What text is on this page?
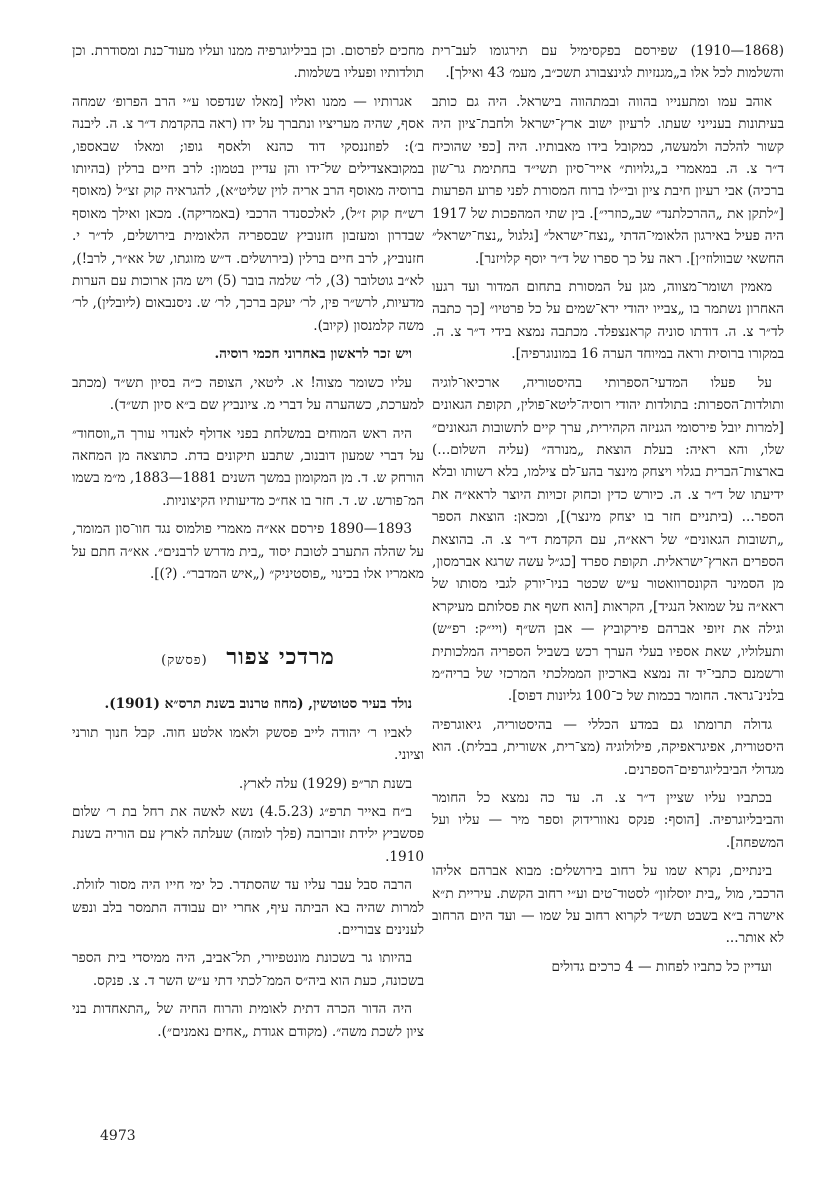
(1868—1910) שפירסם בפקסימיל עם תירגומו לעב־רית והשלמות לכל אלו ב„מגנזיות לגינצבורג תשכ״ב, מעמ׳ 43 ואילך].

אוהב עמו ומתענייו בהווה ובמתהווה בישראל. היה גם כותב בעיתונות בענייני שעתו. לרעיון ישוב ארץ־ישראל ולחבת־ציון היה קשור להלכה ולמעשה, כמקובל בידו מאבותיו. היה [כפי שהוכיח ד״ר צ. ה. במאמרי ב„גלויות״ אייר־סיון תשי״ד בחתימת גר־שון ברכיה) אבי רעיון חיבת ציון ובי״לו ברוח המסורת לפני פרוע הפרעות [״לתקן את „ההרכלתנד״ שב„כוזרי״]. בין שתי המהפכות של 1917 היה פעיל באירגון הלאומי־הדתי „נצח־ישראל״ [גלגול „נצח־ישראל״ החשאי שבוולוזי׳ן]. ראה על כך ספרו של ד״ר יוסף קלויזנר].

מאמין ושומר־מצווה, מגן על המסורת בתחום המדור ועד רגעו האחרון נשתמר בו „צבייו יהודי ירא־שמים על כל פרטיו״ [כך כתבה לד״ר צ. ה. דודתו סוניה קראנצפלד. מכתבה נמצא בידי ד״ר צ. ה. במקורו ברוסית וראה במיוחד הערה 16 במונוגרפיה].

על פעלו המדעי־הספרותי בהיסטוריה, ארכיאו־לוגיה ותולדות־הספרות: בתולדות יהודי רוסיה־ליטא־פולין, תקופת הגאונים [למרות יובל פירסומי הגניזה הקהירית, ערך קיים לתשובות הגאונים״ שלו, והא ראיה: בעלת הוצאת „מנורה״ (עליה השלום...) בארצות־הברית בגלוי ויצחק מינצר בהע־לם צילמו, בלא רשותו ובלא ידיעתו של ד״ר צ. ה. כיורש כדין וכחוק זכויות היוצר לראא״ה את הספר... (ביתניים חזר בו יצחק מינצר)], ומכאן: הוצאת הספר „תשובות הגאונים״ של ראא״ה, עם הקדמת ד״ר צ. ה. בהוצאת הספרים הארץ־ישראלית. תקופת ספרד [כג״ל עשה שרגא אברמסון, מן הסמינר הקונסרוואטור ע״ש שכטר בניו־יורק לגבי מסותו של ראא״ה על שמואל הנגיד], הקראות [הוא חשף את פסלותם מעיקרא וגילה את זיופי אברהם פירקוביץ — אבן הש״ף (ויי״ק: רפ״ש) ותעלוליו, שאת אספיו בעלי הערך רכש בשביל הספריה המלכותית ורשמנם כתבי־יד זה נמצא בארכיון הממלכתי המרכזי של בריה״מ בלנינ־גראד. החומר בכמות של כ־100 גליונות דפוס].

גדולה תרומתו גם במדע הכללי — בהיסטוריה, גיאוגרפיה היסטורית, אפיגראפיקה, פילולוגיה (מצ־רית, אשורית, בבלית). הוא מגדולי הביבליוגרפים־הספרנים.

בכתביו עליו שציין ד״ר צ. ה. עד כה נמצא כל החומר והביבליוגרפיה. [הוסף: פנקס נאוורידוק וספר מיר — עליו ועל המשפחה].

בינתיים, נקרא שמו על רחוב בירושלים: מבוא אברהם אליהו הרכבי, מול „בית יוסלזון״ לסטוד־טים וע״י רחוב הקשת. עיריית ת״א אישרה ב״א בשבט תש״ד לקרוא רחוב על שמו — ועד היום הרחוב לא אותר...

ועדיין כל כתביו לפחות — 4 כרכים גדולים

מחכים לפרסום. וכן בביליוגרפיה ממנו ועליו מעוד־כנת ומסודרת. וכן תולדותיו ופעליו בשלמות.

אגרותיו — ממנו ואליו [מאלו שנדפסו ע״י הרב הפרופ׳ שמחה אסף, שהיה מעריציו ונתברך על ידו (ראה בהקדמת ד״ר צ. ה. ליבנה ב׳): לפוזננסקי דוד כהנא ולאסף גופו; ומאלו שבאספו, במקובאצדילים של־ידו והן עדיין בטמון: לרב חיים ברלין (בהיותו ברוסיה מאוסף הרב אריה לוין שליט״א), להגראיה קוק זצ״ל (מאוסף רש״ח קוק ז״ל), לאלכסנדר הרכבי (באמריקה). מכאן ואילך מאוסף שבדרון ומעזבון חזנוביץ שבספריה הלאומית בירושלים, לד״ר י. חזנוביץ, לרב חיים ברלין (בירושלים. ד״ש מזוגתו, של אא״ר, לרב!), לא״ב גוטלובר (3), לר׳ שלמה בובר (5) ויש מהן ארוכות עם הערות מדעיות, לרש״ר פין, לר׳ יעקב ברכך, לר׳ ש. ניסנבאום (ליובלין), לר׳ משה קלמנסון (קיוב).

ויש זכר לראשון באחרוני חכמי רוסיה.

עליו כשומר מצוה! א. ליטאי, הצופה כ״ה בסיון תש״ד (מכתב למערכת, כשהערה על דברי מ. ציונביץ שם ב״א סיון תש״ד).

היה ראש המוחים במשלחת בפני אדולף לאנדוי עורך ה„ווסחוד״ על דברי שמעון דובנוב, שתבע תיקונים בדת. כתוצאה מן המחאה הורחק ש. ד. מן המקומון במשך השנים 1881—1883, מ״מ בשמו המ־פורש. ש. ד. חזר בו אח״כ מדיעותיו הקיצוניות.

1893—1890 פירסם אא״ה מאמרי פולמוס נגד חוו־סון המומר, על שהלה התערב לטובת יסוד „בית מדרש לרבנים״. אא״ה חתם על מאמריו אלו בכינוי „פוסטיניק״ („איש המדבר״. (?)].

מרדכי צפור (פסשק)

נולד בעיר סטוטשין, (מחוז טרנוב בשנת תרס״א (1901).

לאביו ר׳ יהודה לייב פסשק ולאמו אלטע חוה. קבל חנוך תורני וציוני.

בשנת תר״פ (1929) עלה לארץ.

ב״ח באייר תרפ״ג (4.5.23) נשא לאשה את רחל בת ר׳ שלום פסשביץ ילידת זוברובה (פלך לומזה) שעלתה לארץ עם הוריה בשנת 1910.

הרבה סבל עבר עליו עד שהסתדר. כל ימי חייו היה מסור לזולת. למרות שהיה בא הביתה עיף, אחרי יום עבודה התמסר בלב ונפש לענינים צבוריים.

בהיותו גר בשכונת מונטפיורי, תל־אביב, היה ממיסדי בית הספר בשכונה, כעת הוא ביה״ס הממ־לכתי דתי ע״ש השר ד. צ. פנקס.

היה הדור הכרה דתית לאומית והרוח החיה של „התאחדות בני ציון לשכת משה״. (מקודם אגודת „אחים נאמנים״).

4973
